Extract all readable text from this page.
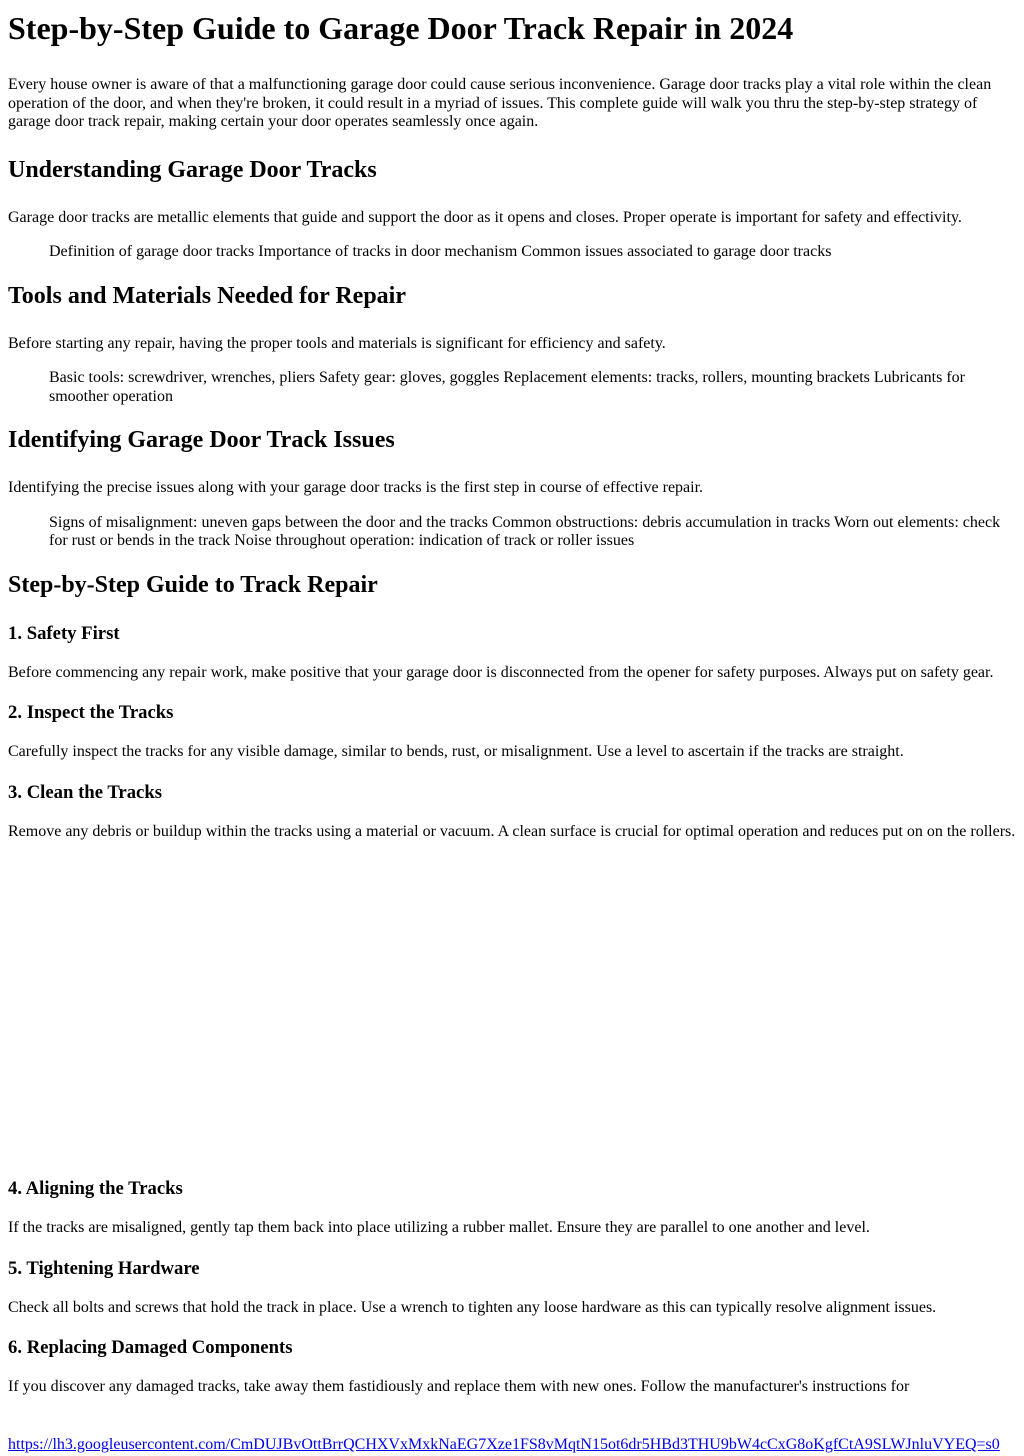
Step-by-Step Guide to Garage Door Track Repair in 2024

Every house owner is aware of that a malfunctioning garage door could cause serious inconvenience. Garage door tracks play a vital role within the clean operation of the door, and when they're broken, it could result in a myriad of issues. This complete guide will walk you thru the step-by-step strategy of garage door track repair, making certain your door operates seamlessly once again.

Understanding Garage Door Tracks

Garage door tracks are metallic elements that guide and support the door as it opens and closes. Proper operate is important for safety and effectivity.

Definition of garage door tracks Importance of tracks in door mechanism Common issues associated to garage door tracks

Tools and Materials Needed for Repair

Before starting any repair, having the proper tools and materials is significant for efficiency and safety.

Basic tools: screwdriver, wrenches, pliers Safety gear: gloves, goggles Replacement elements: tracks, rollers, mounting brackets Lubricants for smoother operation

Identifying Garage Door Track Issues

Identifying the precise issues along with your garage door tracks is the first step in course of effective repair.

Signs of misalignment: uneven gaps between the door and the tracks Common obstructions: debris accumulation in tracks Worn out elements: check for rust or bends in the track Noise throughout operation: indication of track or roller issues

Step-by-Step Guide to Track Repair
1. Safety First

Before commencing any repair work, make positive that your garage door is disconnected from the opener for safety purposes. Always put on safety gear.

2. Inspect the Tracks

Carefully inspect the tracks for any visible damage, similar to bends, rust, or misalignment. Use a level to ascertain if the tracks are straight.

3. Clean the Tracks

Remove any debris or buildup within the tracks using a material or vacuum. A clean surface is crucial for optimal operation and reduces put on on the rollers.

4. Aligning the Tracks

If the tracks are misaligned, gently tap them back into place utilizing a rubber mallet. Ensure they are parallel to one another and level.

5. Tightening Hardware

Check all bolts and screws that hold the track in place. Use a wrench to tighten any loose hardware as this can typically resolve alignment issues.

6. Replacing Damaged Components

If you discover any damaged tracks, take away them fastidiously and replace them with new ones. Follow the manufacturer's instructions for

https://lh3.googleusercontent.com/CmDUJBvOttBrrQCHXVxMxkNaEG7Xze1FS8vMqtN15ot6dr5HBd3THU9bW4cCxG8oKgfCtA9SLWJnluVYEQ=s0
